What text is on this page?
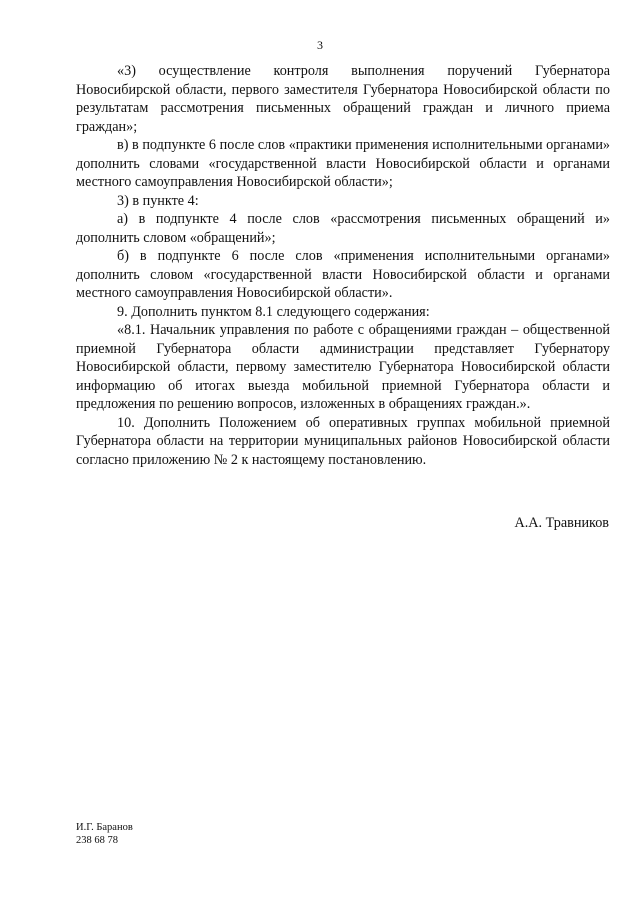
3

«3) осуществление контроля выполнения поручений Губернатора Новосибирской области, первого заместителя Губернатора Новосибирской области по результатам рассмотрения письменных обращений граждан и личного приема граждан»;

в) в подпункте 6 после слов «практики применения исполнительными органами» дополнить словами «государственной власти Новосибирской области и органами местного самоуправления Новосибирской области»;

3) в пункте 4:

а) в подпункте 4 после слов «рассмотрения письменных обращений и» дополнить словом «обращений»;

б) в подпункте 6 после слов «применения исполнительными органами» дополнить словом «государственной власти Новосибирской области и органами местного самоуправления Новосибирской области».

9. Дополнить пунктом 8.1 следующего содержания:

«8.1. Начальник управления по работе с обращениями граждан – общественной приемной Губернатора области администрации представляет Губернатору Новосибирской области, первому заместителю Губернатора Новосибирской области информацию об итогах выезда мобильной приемной Губернатора области и предложения по решению вопросов, изложенных в обращениях граждан.».

10. Дополнить Положением об оперативных группах мобильной приемной Губернатора области на территории муниципальных районов Новосибирской области согласно приложению № 2 к настоящему постановлению.

А.А. Травников
И.Г. Баранов
238 68 78
